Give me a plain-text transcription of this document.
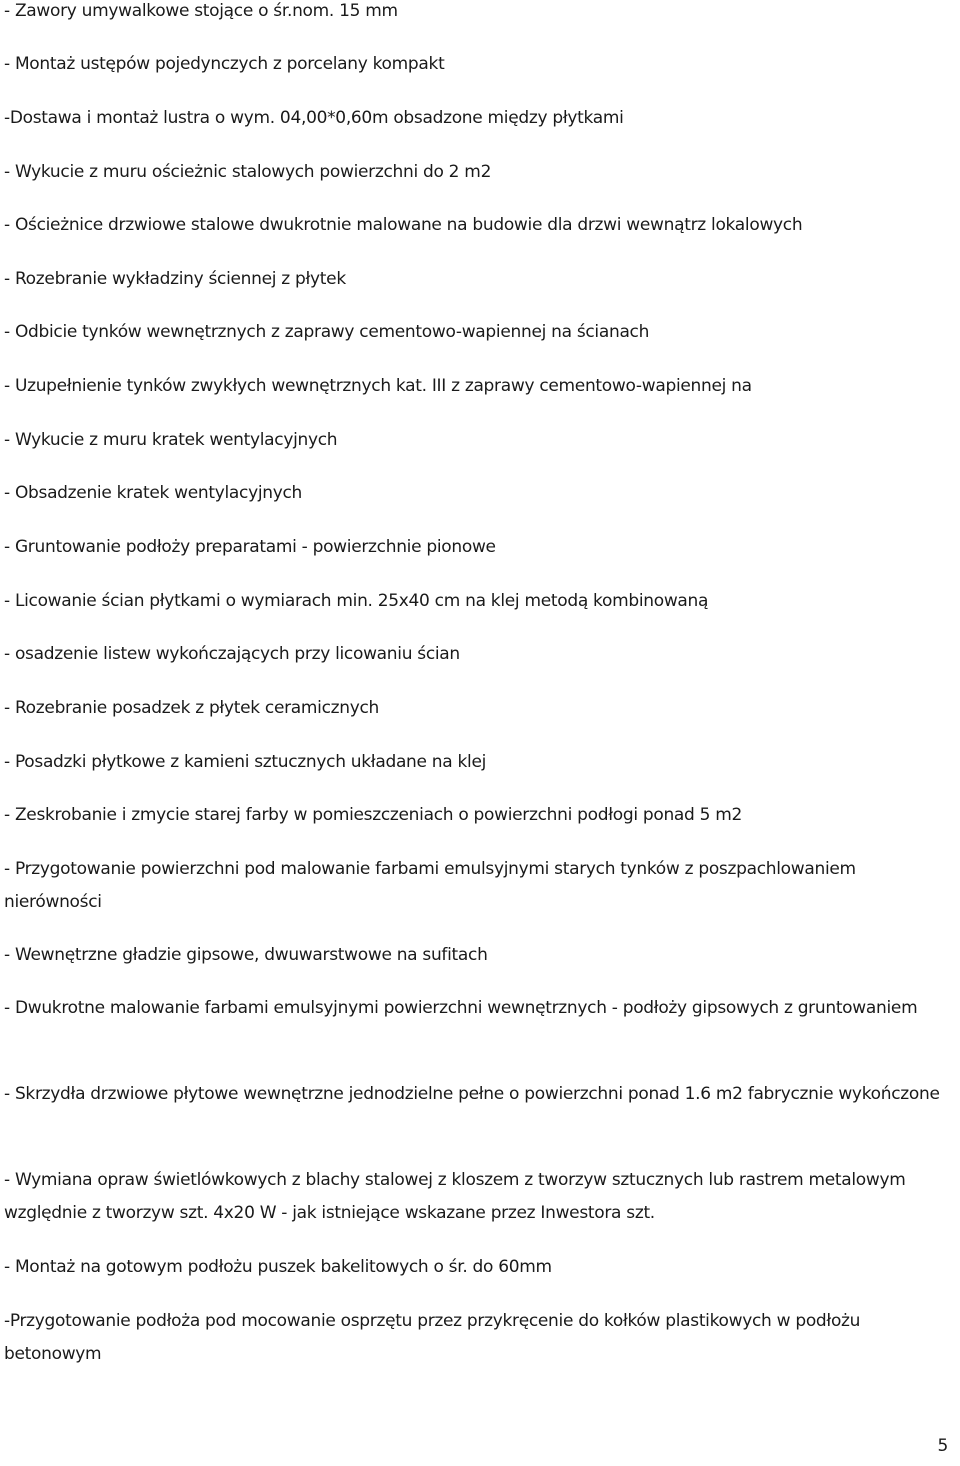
- Zawory umywalkowe stojące o śr.nom. 15 mm
- Montaż ustępów pojedynczych z porcelany kompakt
-Dostawa i montaż lustra o wym. 04,00*0,60m obsadzone między płytkami
- Wykucie z muru ościeżnic stalowych powierzchni do 2 m2
- Ościeżnice drzwiowe stalowe dwukrotnie malowane na budowie dla drzwi wewnątrz lokalowych
- Rozebranie wykładziny ściennej z płytek
- Odbicie tynków wewnętrznych z zaprawy cementowo-wapiennej na ścianach
- Uzupełnienie tynków zwykłych wewnętrznych kat. III z zaprawy cementowo-wapiennej na
- Wykucie z muru kratek wentylacyjnych
- Obsadzenie kratek wentylacyjnych
- Gruntowanie podłoży preparatami - powierzchnie pionowe
- Licowanie ścian płytkami o wymiarach min. 25x40 cm na klej metodą kombinowaną
- osadzenie listew wykończających przy licowaniu ścian
- Rozebranie posadzek z płytek ceramicznych
- Posadzki płytkowe z kamieni sztucznych układane na klej
- Zeskrobanie i zmycie starej farby w pomieszczeniach o powierzchni podłogi ponad 5 m2
- Przygotowanie powierzchni pod malowanie farbami emulsyjnymi starych tynków z poszpachlowaniem nierówności
- Wewnętrzne gładzie gipsowe, dwuwarstwowe na sufitach
- Dwukrotne malowanie farbami emulsyjnymi powierzchni wewnętrznych - podłoży gipsowych z gruntowaniem
- Skrzydła drzwiowe płytowe wewnętrzne jednodzielne pełne o powierzchni ponad 1.6 m2 fabrycznie wykończone
- Wymiana opraw świetlówkowych z blachy stalowej z kloszem z tworzyw sztucznych lub rastrem metalowym względnie z tworzyw szt. 4x20 W - jak istniejące wskazane przez Inwestora szt.
- Montaż na gotowym podłożu puszek bakelitowych o śr. do 60mm
-Przygotowanie podłoża pod mocowanie osprzętu przez przykręcenie do kołków plastikowych w podłożu betonowym
5
